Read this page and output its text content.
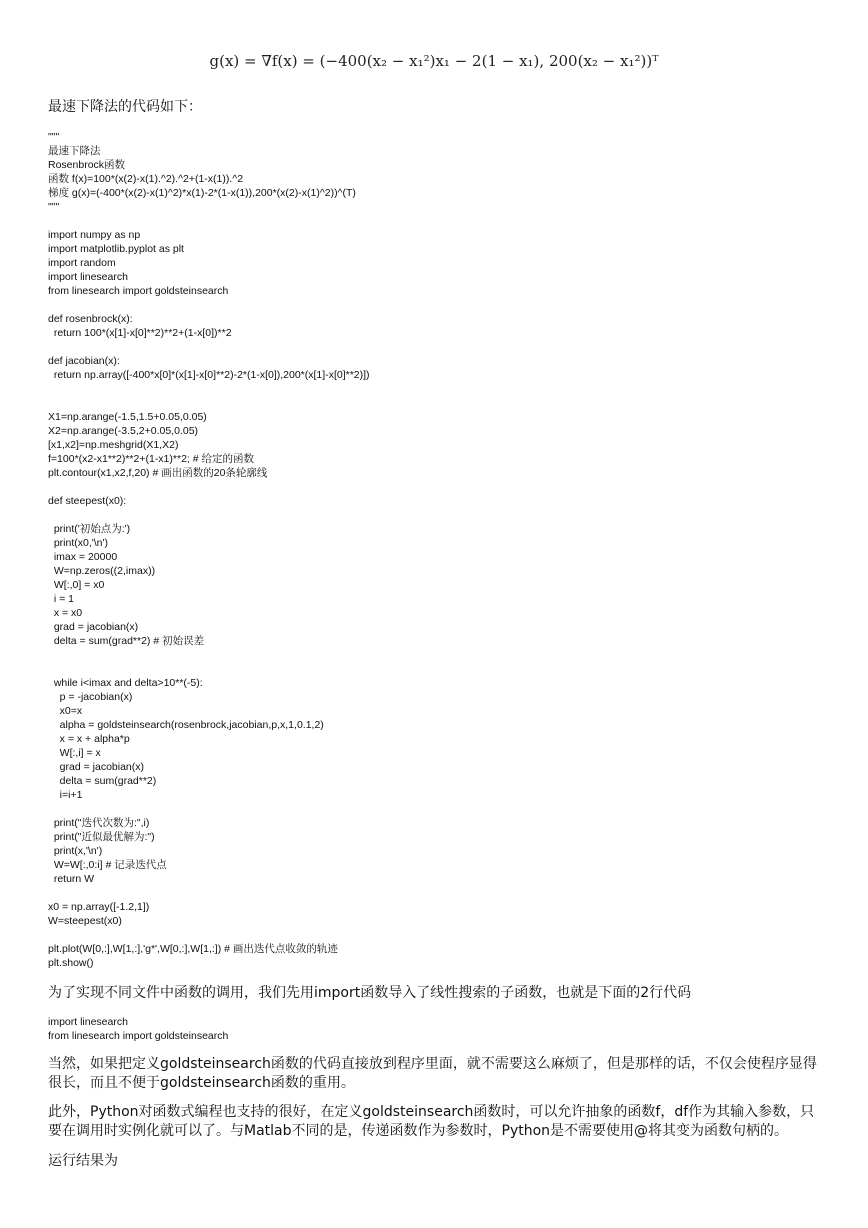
g(x) = ∇f(x) = (−400(x₂ − x₁²)x₁ − 2(1 − x₁), 200(x₂ − x₁²))ᵀ
最速下降法的代码如下：
"""
最速下降法
Rosenbrock函数
函数 f(x)=100*(x(2)-x(1).^2).^2+(1-x(1)).^2
梯度 g(x)=(-400*(x(2)-x(1)^2)*x(1)-2*(1-x(1)),200*(x(2)-x(1)^2))^(T)
"""

import numpy as np
import matplotlib.pyplot as plt
import random
import linesearch
from linesearch import goldsteinsearch

def rosenbrock(x):
return 100*(x[1]-x[0]**2)**2+(1-x[0])**2

def jacobian(x):
return np.array([-400*x[0]*(x[1]-x[0]**2)-2*(1-x[0]),200*(x[1]-x[0]**2)])

X1=np.arange(-1.5,1.5+0.05,0.05)
X2=np.arange(-3.5,2+0.05,0.05)
[x1,x2]=np.meshgrid(X1,X2)
f=100*(x2-x1**2)**2+(1-x1)**2; # 给定的函数
plt.contour(x1,x2,f,20) # 画出函数的20条轮廓线

def steepest(x0):

print('初始点为:')
print(x0,'\n')
imax = 20000
W=np.zeros((2,imax))
W[:,0] = x0
i = 1
x = x0
grad = jacobian(x)
delta = sum(grad**2) # 初始误差

while i<imax and delta>10**(-5):
p = -jacobian(x)
x0=x
alpha = goldsteinsearch(rosenbrock,jacobian,p,x,1,0.1,2)
x = x + alpha*p
W[:,i] = x
grad = jacobian(x)
delta = sum(grad**2)
i=i+1

print("迭代次数为:",i)
print("近似最优解为:")
print(x,'\n')
W=W[:,0:i] # 记录迭代点
return W

x0 = np.array([-1.2,1])
W=steepest(x0)

plt.plot(W[0,:],W[1,:],'g*',W[0,:],W[1,:]) # 画出迭代点收敛的轨迹
plt.show()
为了实现不同文件中函数的调用，我们先用import函数导入了线性搜索的子函数，也就是下面的2行代码
import linesearch
from linesearch import goldsteinsearch
当然，如果把定义goldsteinsearch函数的代码直接放到程序里面，就不需要这么麻烦了，但是那样的话，不仅会使程序显得很长，而且不便于goldsteinsearch函数的重用。
此外，Python对函数式编程也支持的很好，在定义goldsteinsearch函数时，可以允许抽象的函数f，df作为其输入参数，只要在调用时实例化就可以了。与Matlab不同的是，传递函数作为参数时，Python是不需要使用@将其变为函数句柄的。
运行结果为
